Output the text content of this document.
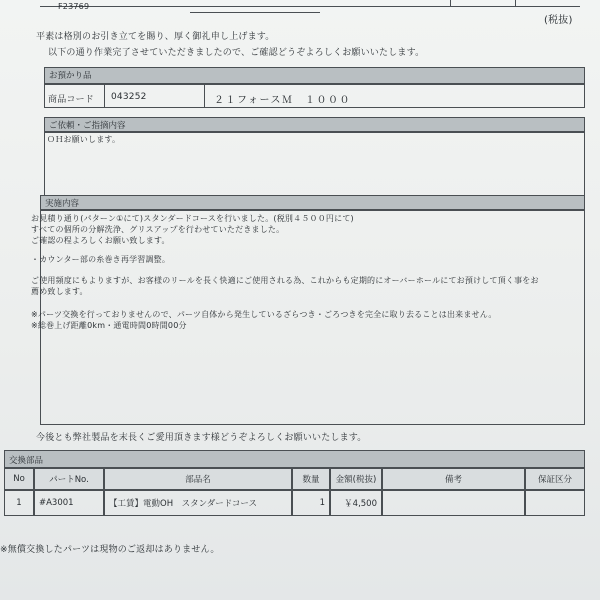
F23769
(税抜)
平素は格別のお引き立てを賜り、厚く御礼申し上げます。
以下の通り作業完了させていただきましたので、ご確認どうぞよろしくお願いいたします。
お預かり品
商品コード 043252	２１フォースＭ　１０００
ご依頼・ご指摘内容
ＯＨお願いします。
実施内容
お見積り通り(パターン①にて)スタンダードコースを行いました。(税別４５００円にて)
すべての個所の分解洗浄、グリスアップを行わせていただきました。
ご確認の程よろしくお願い致します。
・カウンター部の糸巻き再学習調整。
ご使用頻度にもよりますが、お客様のリールを長く快適にご使用される為、これからも定期的にオーバーホールにてお預けして頂く事をお
薦め致します。
※パーツ交換を行っておりませんので、パーツ自体から発生しているざらつき・ごろつきを完全に取り去ることは出来ません。
※総巻上げ距離0km・通電時間0時間00分
今後とも弊社製品を末長くご愛用頂きます様どうぞよろしくお願いいたします。
交換部品
No	パートNo.	部品名	数量	金額(税抜)	備考	保証区分
1	#A3001	【工賃】電動OH　スタンダードコース	1	￥4,500
※無償交換したパーツは現物のご返却はありません。
